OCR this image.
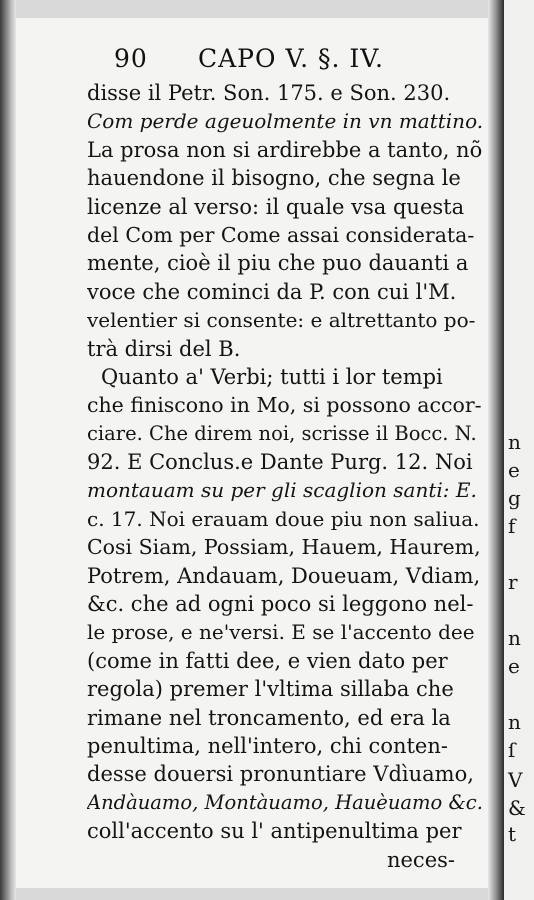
90 CAPO V. §. IV.
disse il Petr. Son. 175. e Son. 230.
Com perde ageuolmente in vn mattino.
La prosa non si ardirebbe a tanto, nõ
hauendone il bisogno, che segna le
licenze al verso: il quale vsa questa
del Com per Come assai considerata-
mente, cioè il piu che puo dauanti a
voce che cominci da P. con cui l'M.
velentier si consente: e altrettanto po-
trà dirsi del B.
Quanto a' Verbi; tutti i lor tempi
che finiscono in Mo, si possono accor-
ciare. Che direm noi, scrisse il Bocc. N.
92. E Conclus.e Dante Purg. 12. Noi
montauam su per gli scaglion santi: E.
c. 17. Noi erauam doue piu non saliua.
Cosi Siam, Possiam, Hauem, Haurem,
Potrem, Andauam, Doueuam, Vdiam,
&c. che ad ogni poco si leggono nel-
le prose, e ne'versi. E se l'accento dee
(come in fatti dee, e vien dato per
regola) premer l'vltima sillaba che
rimane nel troncamento, ed era la
penultima, nell'intero, chi conten-
desse douersi pronuntiare Vdìuamo,
Andàuamo, Montàuamo, Hauèuamo &c.
coll'accento su l' antipenultima per
neces-
n
e
g
f
r
n
e
n
ſ
V
&
t
